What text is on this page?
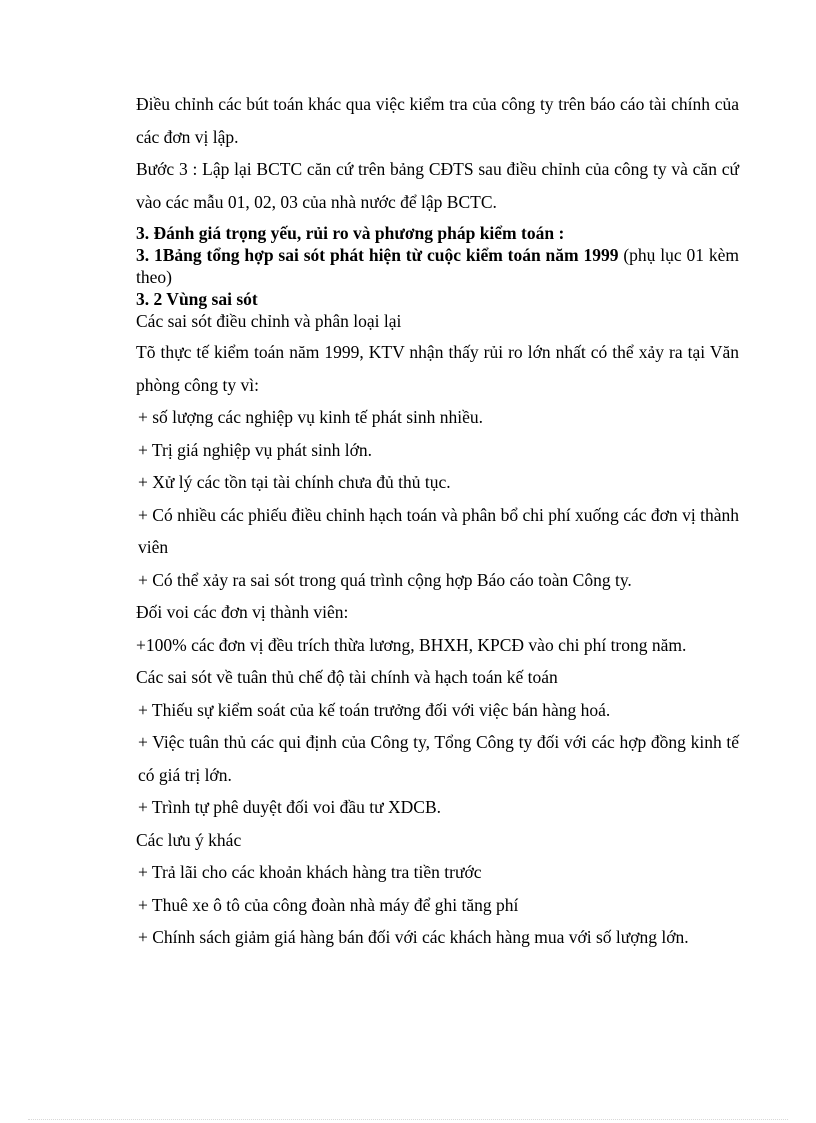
Điều chỉnh các bút toán khác qua việc kiểm tra của công ty trên báo cáo tài chính của các đơn vị lập.

Bước 3 : Lập lại BCTC căn cứ trên bảng CĐTS sau điều chỉnh của công ty và căn cứ vào các mẫu 01, 02, 03 của nhà nước để lập BCTC.

3. Đánh giá trọng yếu, rủi ro và phương pháp kiểm toán :

3. 1Bảng tổng hợp sai sót phát hiện từ cuộc kiểm toán năm 1999 (phụ lục 01 kèm theo)

3. 2 Vùng sai sót

Các sai sót điều chỉnh và phân loại lại

Tõ thực tế kiểm toán năm 1999, KTV nhận thấy rủi ro lớn nhất có thể xảy ra tại Văn phòng công ty vì:

+ số lượng các nghiệp vụ kinh tế phát sinh nhiều.

+ Trị giá nghiệp vụ phát sinh lớn.

+ Xử lý các tồn tại tài chính chưa đủ thủ tục.

+ Có nhiều các phiếu điều chỉnh hạch toán và phân bổ chi phí xuống các đơn vị thành viên

+ Có thể xảy ra sai sót trong quá trình cộng hợp Báo cáo toàn Công ty.

Đối voi các đơn vị thành viên:

+100% các đơn vị đều trích thừa lương, BHXH, KPCĐ vào chi phí trong năm.

Các sai sót về tuân thủ chế độ tài chính và hạch toán kế toán

+ Thiếu sự kiểm soát của kế toán trưởng đối với việc bán hàng hoá.

+ Việc tuân thủ các qui định của Công ty, Tổng Công ty đối với các hợp đồng kinh tế có giá trị lớn.

+ Trình tự phê duyệt đối voi đầu tư XDCB.

Các lưu ý khác

+ Trả lãi cho các khoản khách hàng tra tiền trước

+ Thuê xe ô tô của công đoàn nhà máy để ghi tăng phí

+ Chính sách giảm giá hàng bán đối với các khách hàng mua với số lượng lớn.
